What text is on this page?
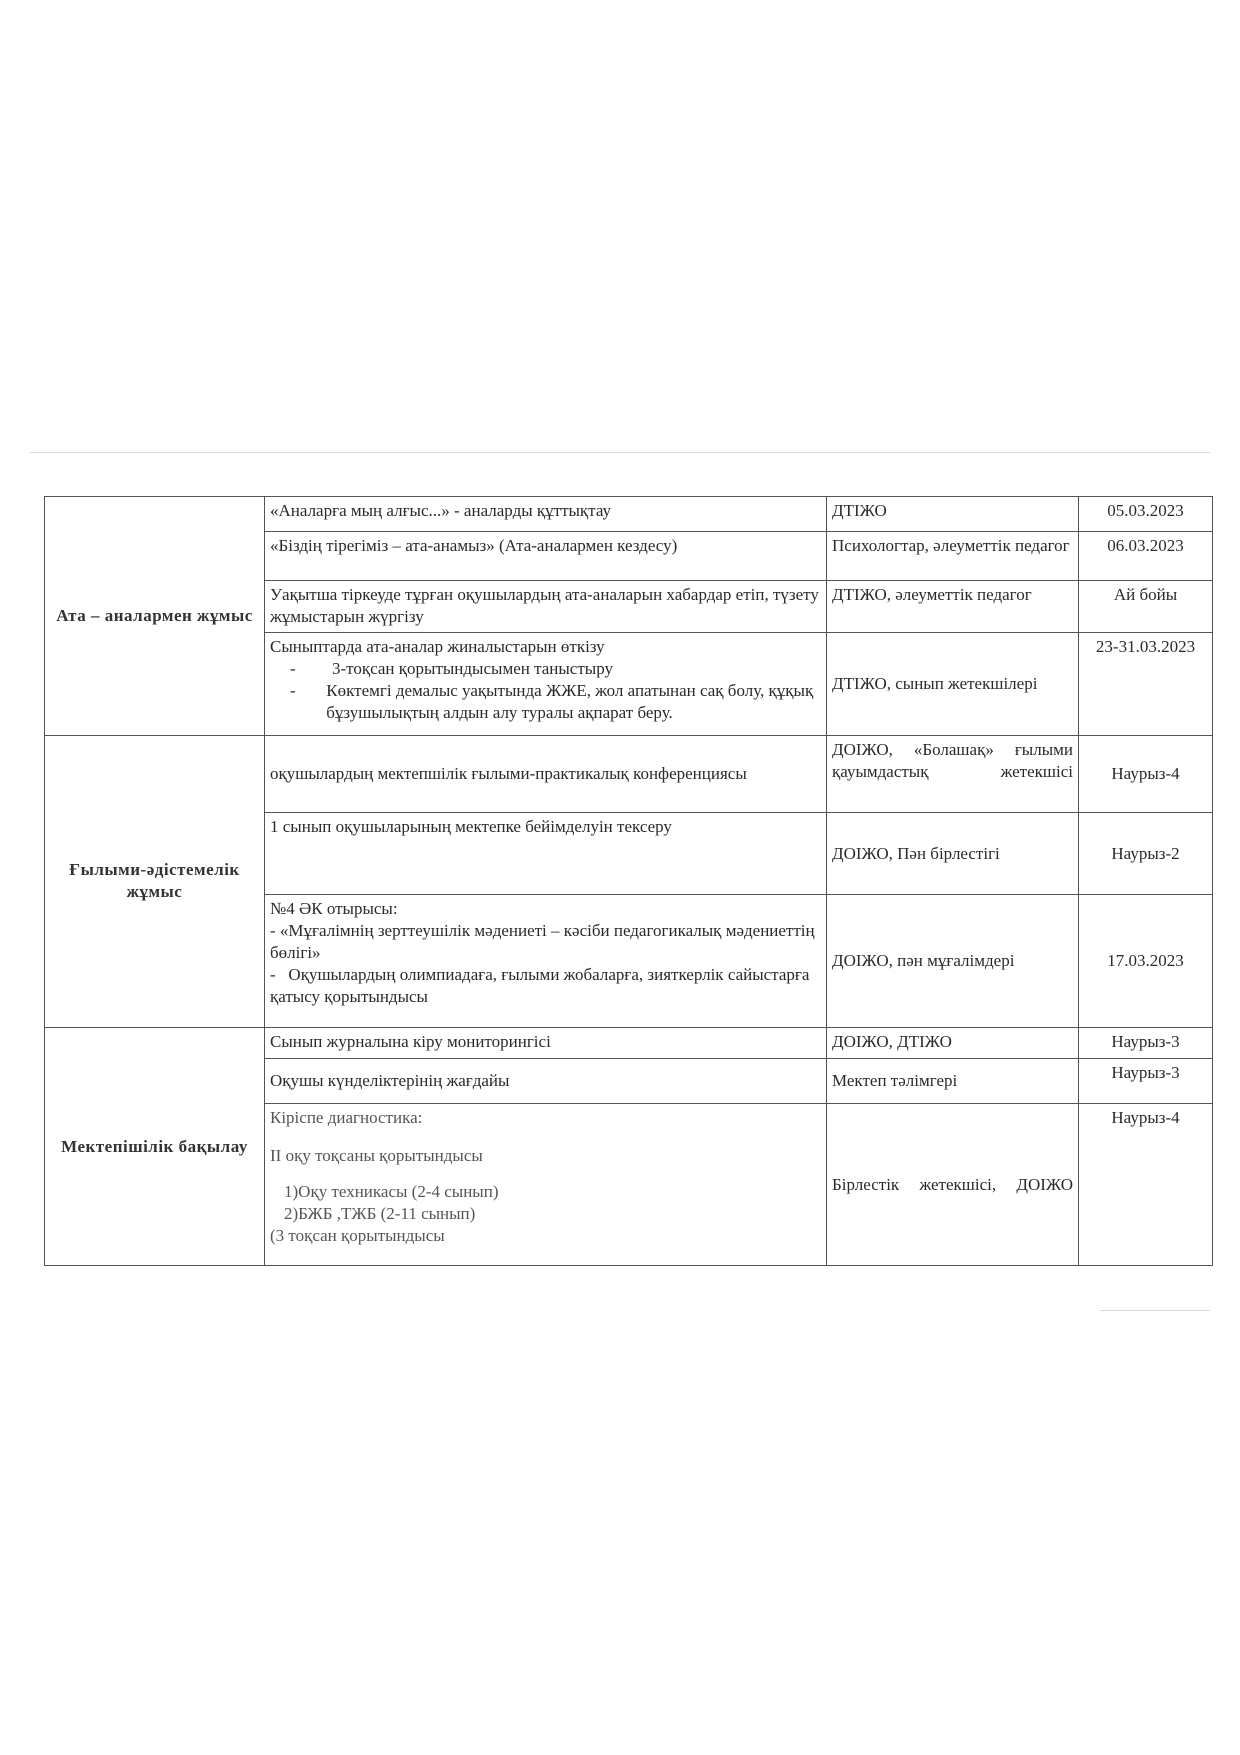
Ата – аналармен жұмыс	«Аналарға мың алғыс...» - аналарды құттықтау	ДТІЖО	05.03.2023
	«Біздің тірегіміз – ата-анамыз» (Ата-аналармен кездесу)	Психологтар, әлеуметтік педагог	06.03.2023
	Уақытша тіркеуде тұрған оқушылардың ата-аналарын хабардар етіп, түзету жұмыстарын жүргізу	ДТІЖО, әлеуметтік педагог	Ай бойы

	Сыныптарда ата-аналар жиналыстарын өткізу
- 3-тоқсан қорытындысымен таныстыру
- Көктемгі демалыс уақытында ЖЖЕ, жол апатынан сақ болу, құқық бұзушылықтың алдын алу туралы ақпарат беру.	ДТІЖО, сынып жетекшілері	23-31.03.2023
Ғылыми-әдістемелік жұмыс	оқушылардың мектепшілік ғылыми-практикалық конференциясы	ДОІЖО, «Болашақ» ғылыми қауымдастық жетекшісі	Наурыз-4
	1 сынып оқушыларының мектепке бейімделуін тексеру	ДОІЖО, Пән бірлестігі	Наурыз-2

	№4 ӘК отырысы:
- «Мұғалімнің зерттеушілік мәдениеті – кәсіби педагогикалық мәдениеттің бөлігі»
-   Оқушылардың олимпиадаға, ғылыми жобаларға, зияткерлік сайыстарға қатысу қорытындысы	ДОІЖО, пән мұғалімдері	17.03.2023
Мектепішілік бақылау	Сынып журналына кіру мониторингісі	ДОІЖО, ДТІЖО	Наурыз-3
	Оқушы күнделіктерінің жағдайы	Мектеп тәлімгері	Наурыз-3

	Кіріспе диагностика:
II оқу тоқсаны қорытындысы
1)Оқу техникасы (2-4 сынып)
2)БЖБ ,ТЖБ (2-11 сынып)
(3 тоқсан қорытындысы	Бірлестік жетекшісі, ДОІЖО	Наурыз-4
